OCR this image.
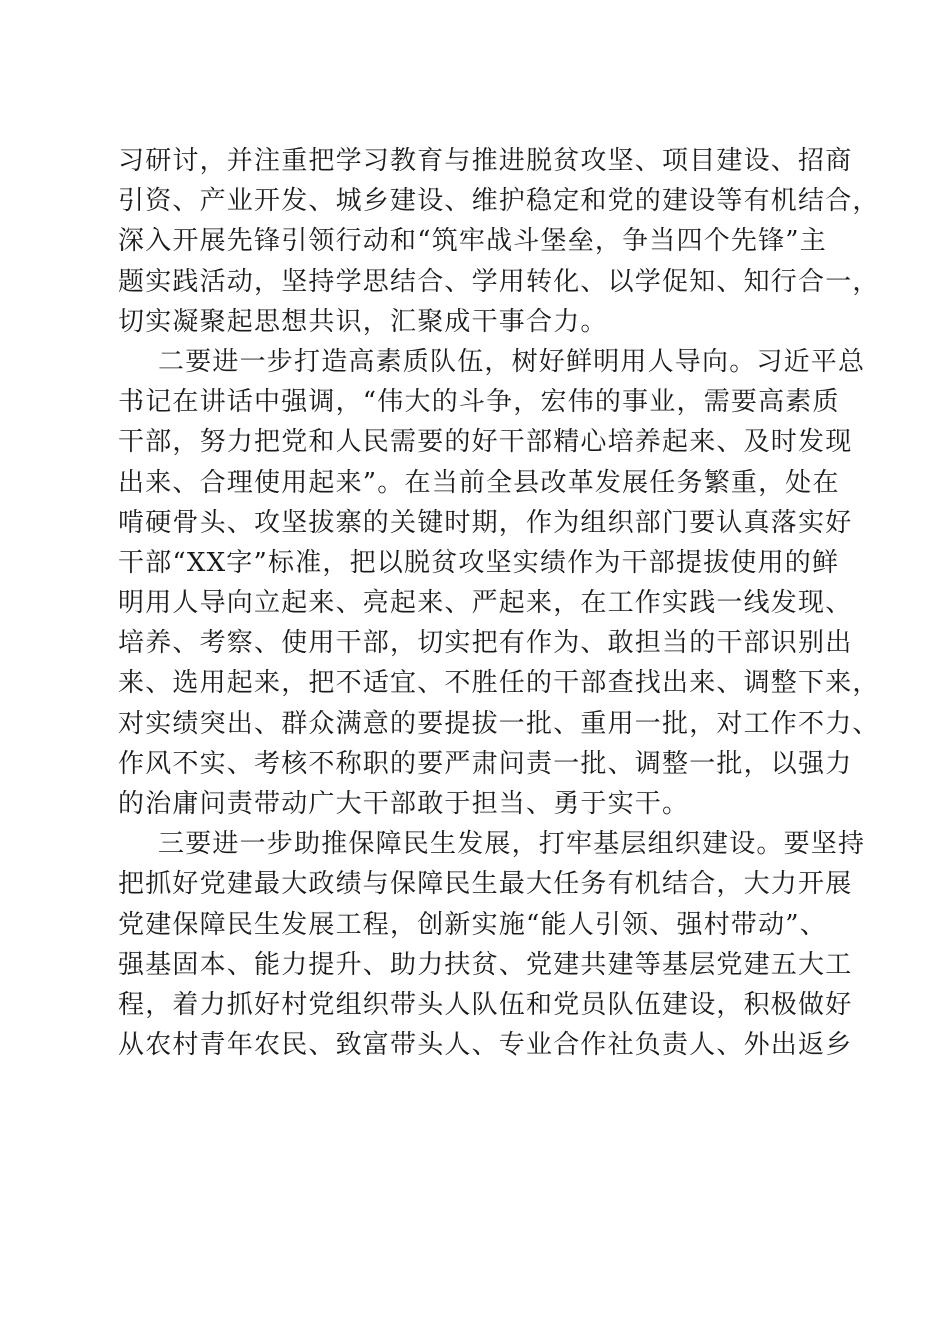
习研讨，并注重把学习教育与推进脱贫攻坚、项目建设、招商
引资、产业开发、城乡建设、维护稳定和党的建设等有机结合，
深入开展先锋引领行动和“筑牢战斗堡垒，争当四个先锋”主
题实践活动，坚持学思结合、学用转化、以学促知、知行合一，
切实凝聚起思想共识，汇聚成干事合力。
二要进一步打造高素质队伍，树好鲜明用人导向。习近平总
书记在讲话中强调，“伟大的斗争，宏伟的事业，需要高素质
干部，努力把党和人民需要的好干部精心培养起来、及时发现
出来、合理使用起来”。在当前全县改革发展任务繁重，处在
啃硬骨头、攻坚拔寨的关键时期，作为组织部门要认真落实好
干部“XX字”标准，把以脱贫攻坚实绩作为干部提拔使用的鲜
明用人导向立起来、亮起来、严起来，在工作实践一线发现、
培养、考察、使用干部，切实把有作为、敢担当的干部识别出
来、选用起来，把不适宜、不胜任的干部查找出来、调整下来，
对实绩突出、群众满意的要提拔一批、重用一批，对工作不力、
作风不实、考核不称职的要严肃问责一批、调整一批，以强力
的治庸问责带动广大干部敢于担当、勇于实干。
三要进一步助推保障民生发展，打牢基层组织建设。要坚持
把抓好党建最大政绩与保障民生最大任务有机结合，大力开展
党建保障民生发展工程，创新实施“能人引领、强村带动”、
强基固本、能力提升、助力扶贫、党建共建等基层党建五大工
程，着力抓好村党组织带头人队伍和党员队伍建设，积极做好
从农村青年农民、致富带头人、专业合作社负责人、外出返乡
